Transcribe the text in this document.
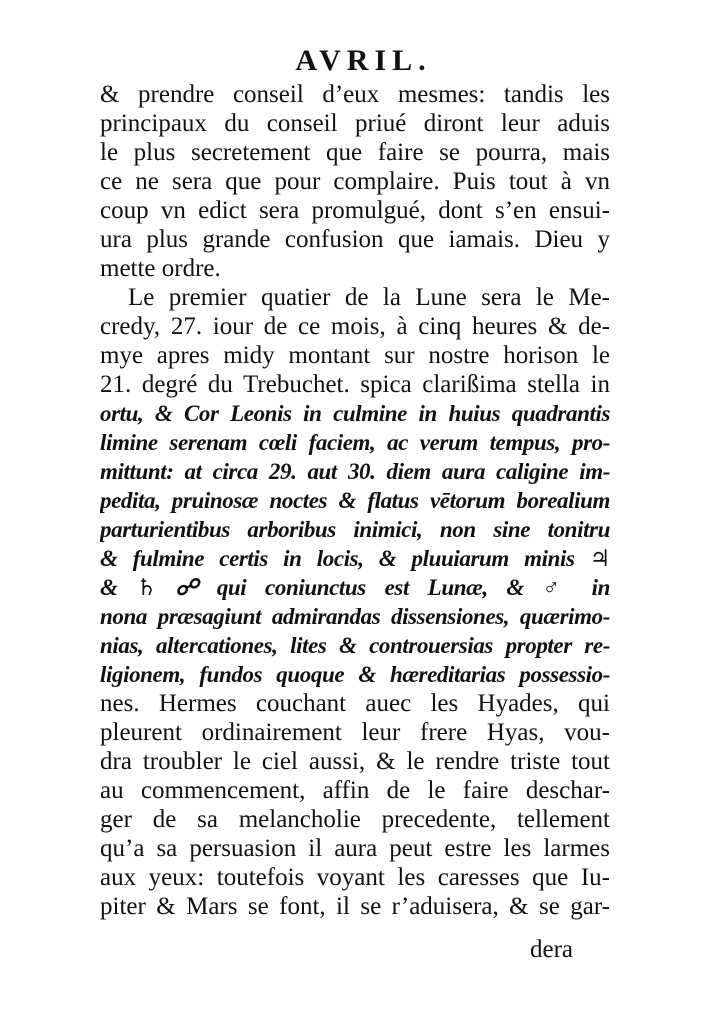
AVRIL.
& prendre conseil d’eux mesmes: tandis les
principaux du conseil priué diront leur aduis
le plus secretement que faire se pourra, mais
ce ne sera que pour complaire. Puis tout à vn
coup vn edict sera promulgué, dont s’en ensui-
ura plus grande confusion que iamais. Dieu y
mette ordre.
Le premier quatier de la Lune sera le Me-
credy, 27. iour de ce mois, à cinq heures & de-
mye apres midy montant sur nostre horison le
21. degré du Trebuchet. spica clarißima stella in
ortu, & Cor Leonis in culmine in huius quadrantis
limine serenam cœli faciem, ac verum tempus, pro-
mittunt: at circa 29. aut 30. diem aura caligine im-
pedita, pruinosæ noctes & flatus vētorum borealium
parturientibus arboribus inimici, non sine tonitru
& fulmine certis in locis, & pluuiarum minis ♃
& ♄ ☍ qui coniunctus est Lunæ, & ♂ in
nona præsagiunt admirandas dissensiones, quærimo-
nias, altercationes, lites & controuersias propter re-
ligionem, fundos quoque & hæreditarias possessio-
nes. Hermes couchant auec les Hyades, qui
pleurent ordinairement leur frere Hyas, vou-
dra troubler le ciel aussi, & le rendre triste tout
au commencement, affin de le faire deschar-
ger de sa melancholie precedente, tellement
qu’a sa persuasion il aura peut estre les larmes
aux yeux: toutefois voyant les caresses que Iu-
piter & Mars se font, il se r’aduisera, & se gar-
dera
